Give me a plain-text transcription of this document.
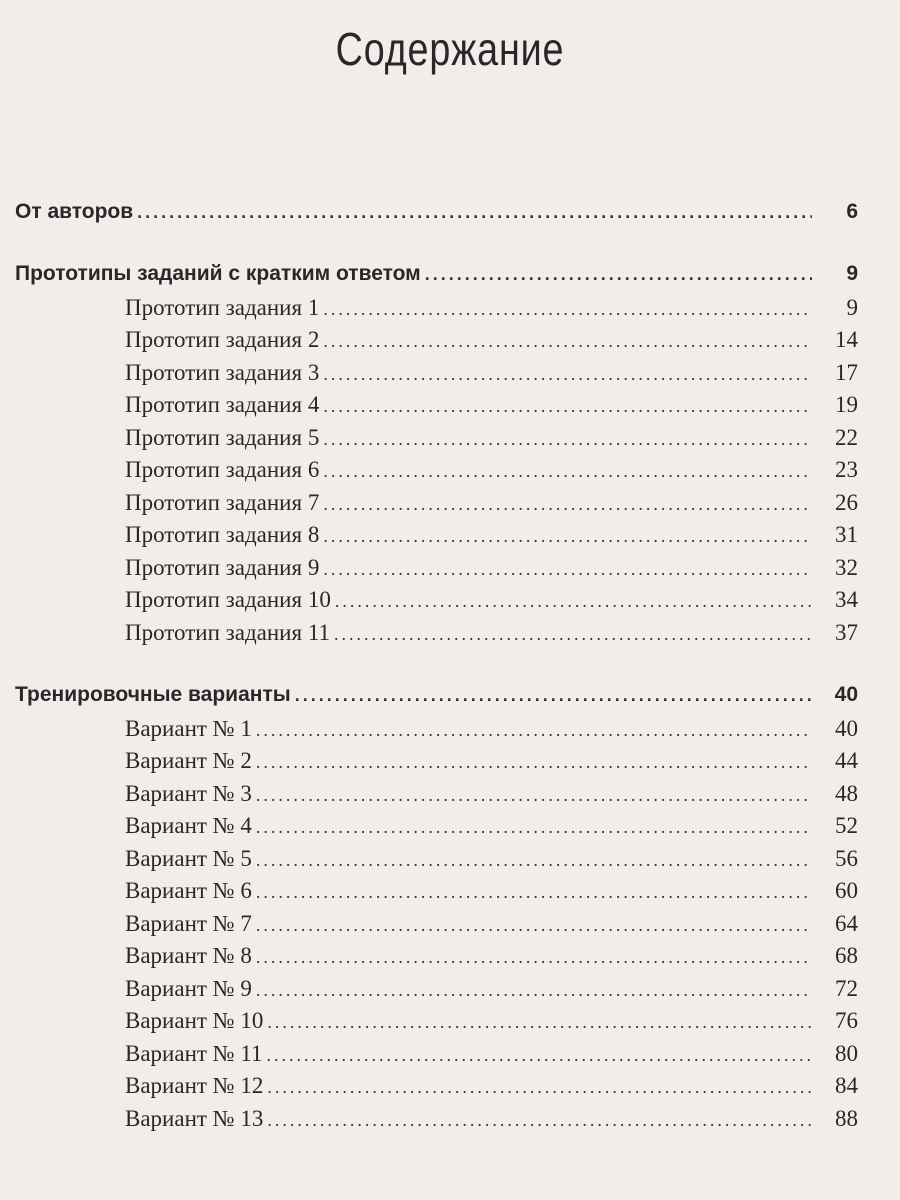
Содержание
От авторов .....	6
Прототипы заданий с кратким ответом .....	9
Прототип задания 1 .....	9
Прототип задания 2 .....	14
Прототип задания 3 .....	17
Прототип задания 4 .....	19
Прототип задания 5 .....	22
Прототип задания 6 .....	23
Прототип задания 7 .....	26
Прототип задания 8 .....	31
Прототип задания 9 .....	32
Прототип задания 10 .....	34
Прототип задания 11 .....	37
Тренировочные варианты .....	40
Вариант № 1 .....	40
Вариант № 2 .....	44
Вариант № 3 .....	48
Вариант № 4 .....	52
Вариант № 5 .....	56
Вариант № 6 .....	60
Вариант № 7 .....	64
Вариант № 8 .....	68
Вариант № 9 .....	72
Вариант № 10 .....	76
Вариант № 11 .....	80
Вариант № 12 .....	84
Вариант № 13 .....	88
